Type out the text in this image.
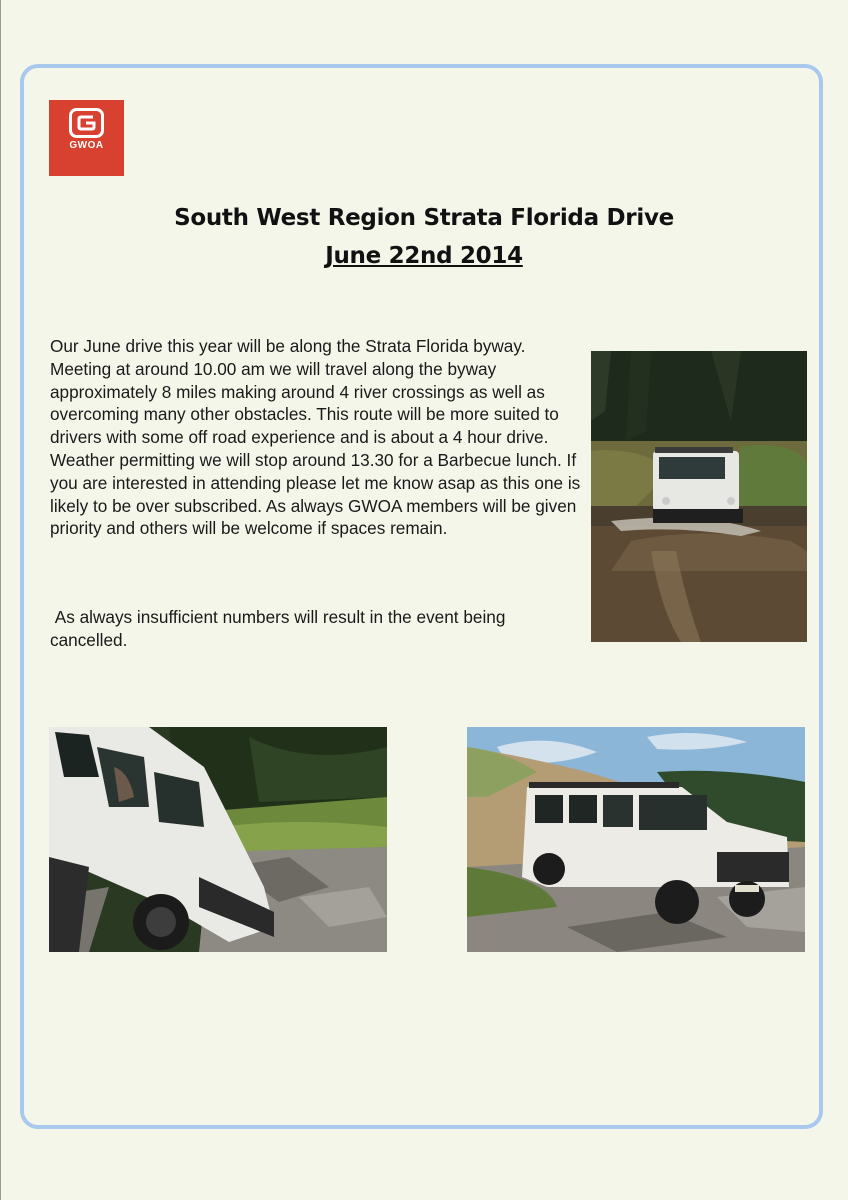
GWOA
South West Region Strata Florida Drive
June 22nd 2014

Our June drive this year will be along the Strata Florida byway. Meeting at around 10.00 am we will travel along the byway approximately 8 miles making around 4 river crossings as well as overcoming many other obstacles. This route will be more suited to drivers with some off road experience and is about a 4 hour drive. Weather permitting we will stop around 13.30 for a Barbecue lunch. If you are interested in attending please let me know asap as this one is likely to be over subscribed. As always GWOA members will be given priority and others will be welcome if spaces remain.

As always insufficient numbers will result in the event being cancelled.
